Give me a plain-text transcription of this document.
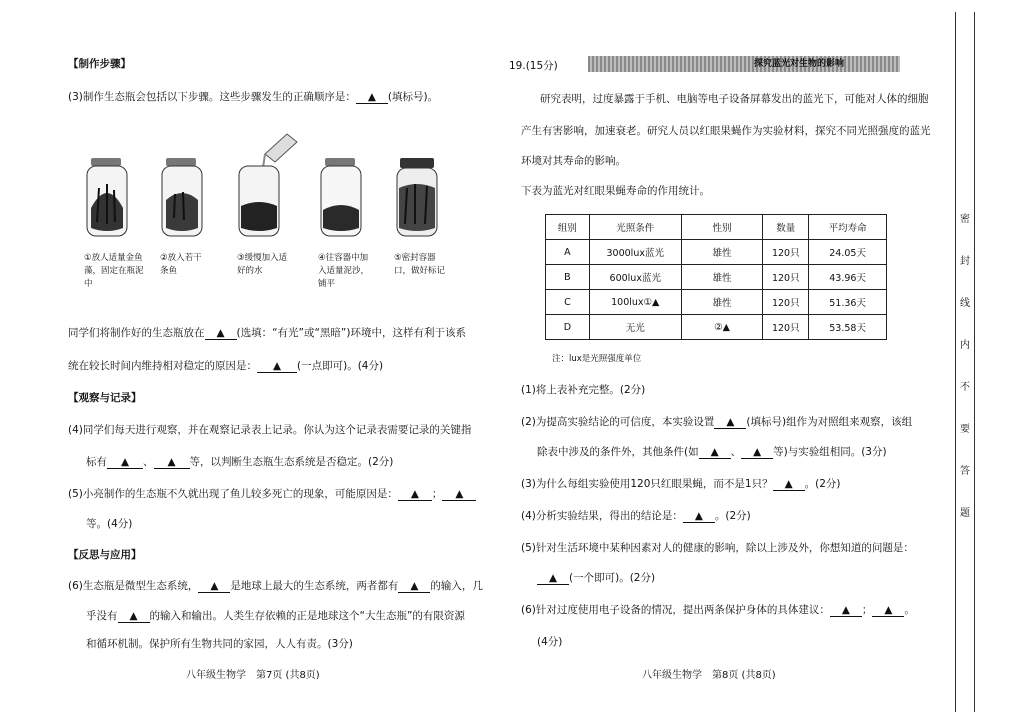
【制作步骤】
(3)制作生态瓶会包括以下步骤。这些步骤发生的正确顺序是： ▲ (填标号)。
①放人适量金鱼藻，固定在瓶泥中
②放入若干条鱼
③缓慢加入适好的水
④往容器中加入适量泥沙，铺平
⑤密封容器口，做好标记
同学们将制作好的生态瓶放在 ▲ (选填：“有光”或“黑暗”)环境中，这样有利于该系
统在较长时间内维持相对稳定的原因是： ▲ (一点即可)。(4分)
【观察与记录】
(4)同学们每天进行观察，并在观察记录表上记录。你认为这个记录表需要记录的关键指
标有 ▲ 、 ▲ 等，以判断生态瓶生态系统是否稳定。(2分)
(5)小亮制作的生态瓶不久就出现了鱼儿较多死亡的现象，可能原因是： ▲ ； ▲
等。(4分)
【反思与应用】
(6)生态瓶是微型生态系统， ▲ 是地球上最大的生态系统，两者都有 ▲ 的输入，几
乎没有 ▲ 的输入和输出。人类生存依赖的正是地球这个“大生态瓶”的有限资源
和循环机制。保护所有生物共同的家园，人人有责。(3分)
八年级生物学　第7页 (共8页)
19.(15分)	探究蓝光对生物的影响
研究表明，过度暴露于手机、电脑等电子设备屏幕发出的蓝光下，可能对人体的细胞
产生有害影响，加速衰老。研究人员以红眼果蝇作为实验材料，探究不同光照强度的蓝光
环境对其寿命的影响。
下表为蓝光对红眼果蝇寿命的作用统计。
组别	光照条件	性别	数量	平均寿命
A	3000lux蓝光	雄性	120只	24.05天
B	600lux蓝光	雄性	120只	43.96天
C	100lux①▲	雄性	120只	51.36天
D	无光	②▲	120只	53.58天
注：lux是光照强度单位
(1)将上表补充完整。(2分)
(2)为提高实验结论的可信度，本实验设置 ▲ (填标号)组作为对照组来观察，该组
除表中涉及的条件外，其他条件(如 ▲ 、 ▲ 等)与实验组相同。(3分)
(3)为什么每组实验使用120只红眼果蝇，而不是1只？ ▲ 。(2分)
(4)分析实验结果，得出的结论是： ▲ 。(2分)
(5)针对生活环境中某种因素对人的健康的影响，除以上涉及外，你想知道的问题是：
▲ (一个即可)。(2分)
(6)针对过度使用电子设备的情况，提出两条保护身体的具体建议： ▲ ； ▲ 。
(4分)
八年级生物学　第8页 (共8页)
密
封
线
内
不
要
答
题
